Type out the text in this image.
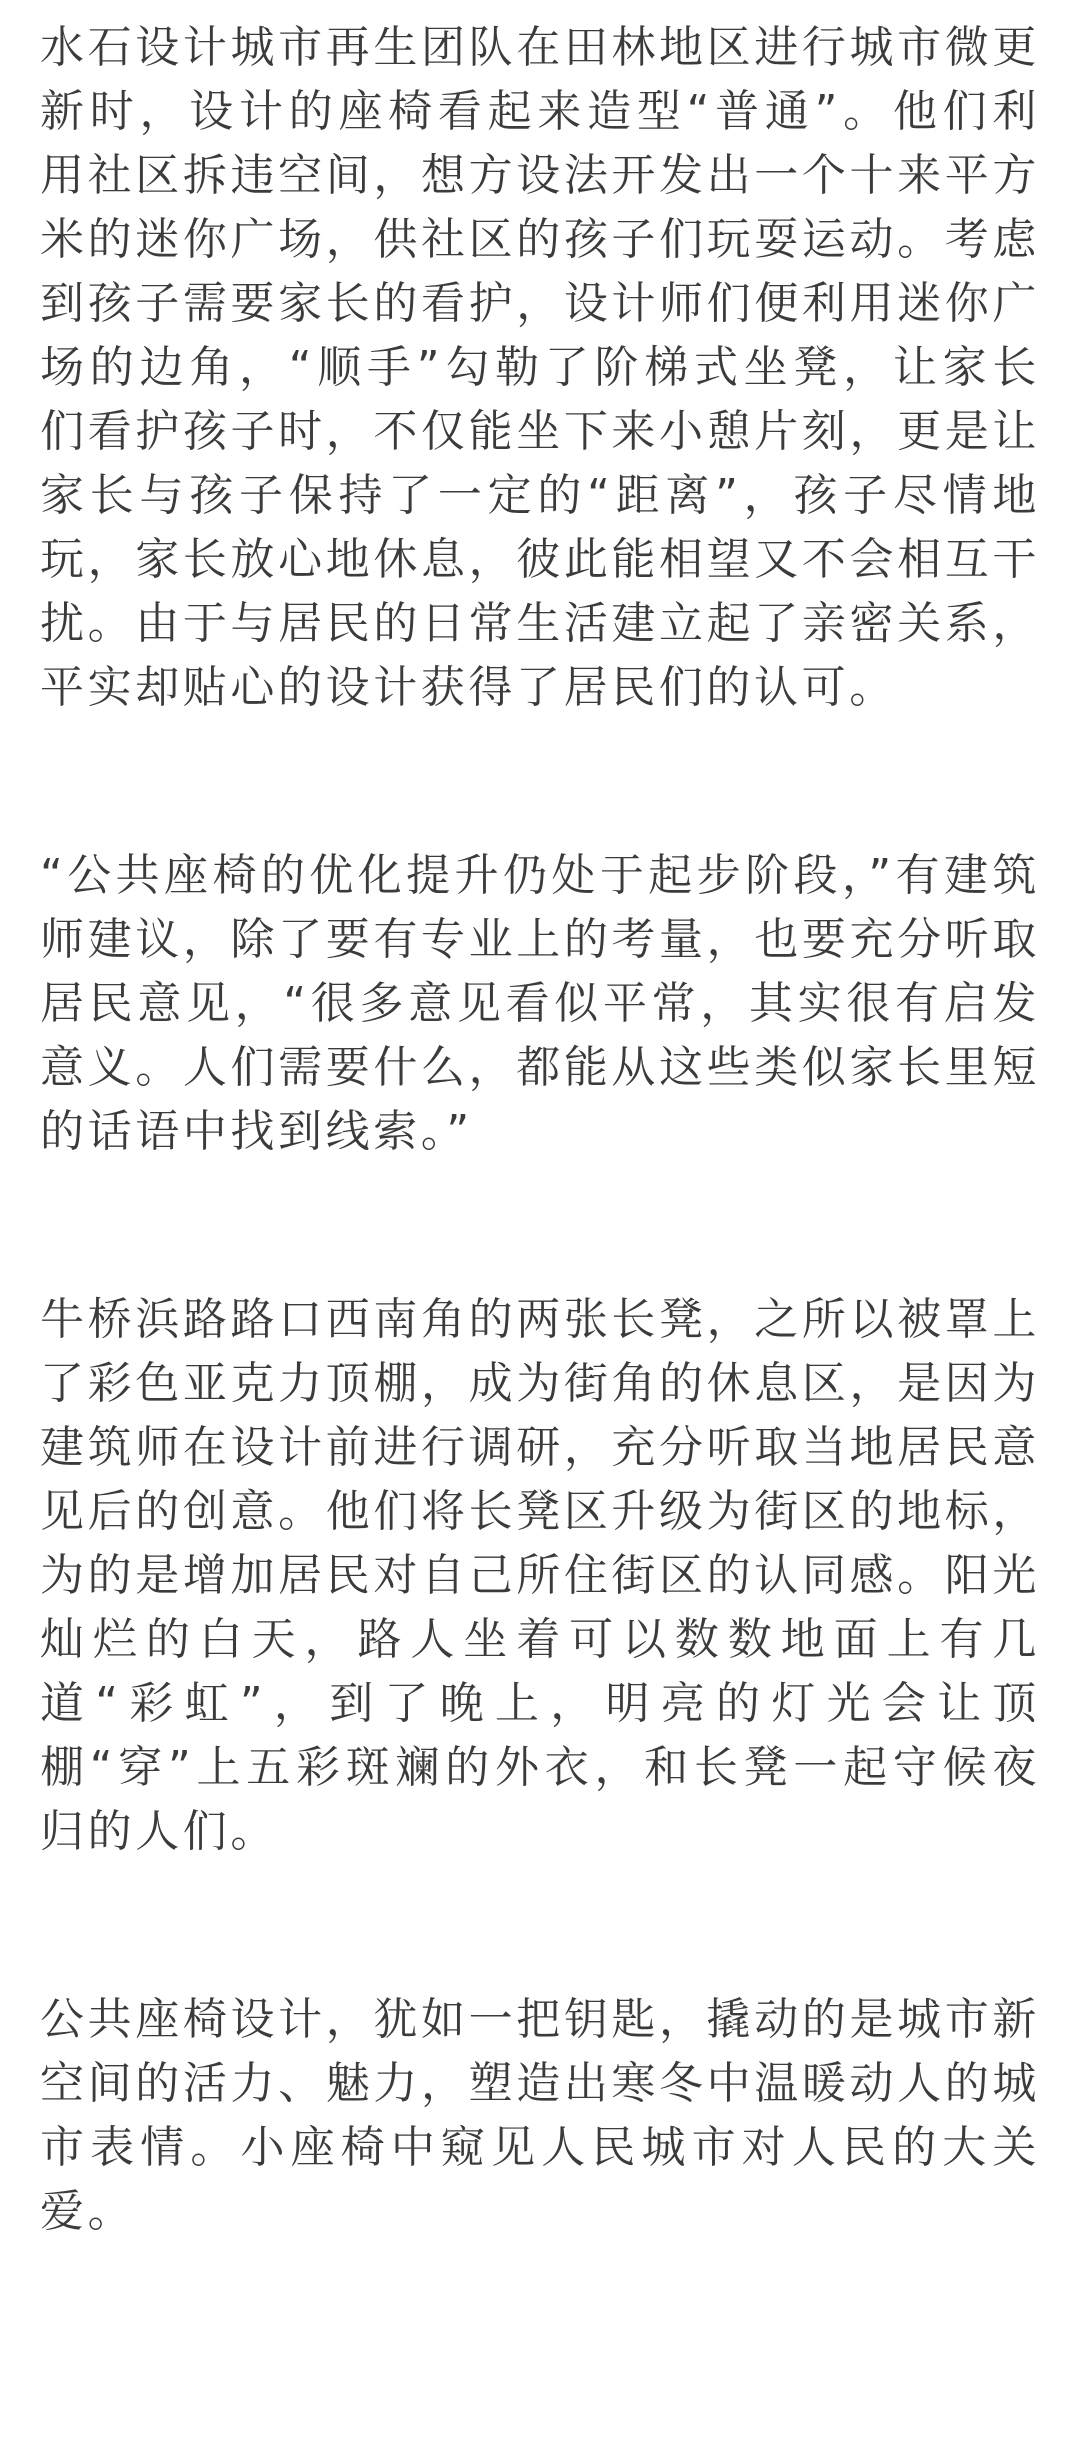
水石设计城市再生团队在田林地区进行城市微更新时，设计的座椅看起来造型“普通”。他们利用社区拆违空间，想方设法开发出一个十来平方米的迷你广场，供社区的孩子们玩耍运动。考虑到孩子需要家长的看护，设计师们便利用迷你广场的边角，“顺手”勾勒了阶梯式坐凳，让家长们看护孩子时，不仅能坐下来小憩片刻，更是让家长与孩子保持了一定的“距离”，孩子尽情地玩，家长放心地休息，彼此能相望又不会相互干扰。由于与居民的日常生活建立起了亲密关系，平实却贴心的设计获得了居民们的认可。

“公共座椅的优化提升仍处于起步阶段，”有建筑师建议，除了要有专业上的考量，也要充分听取居民意见，“很多意见看似平常，其实很有启发意义。人们需要什么，都能从这些类似家长里短的话语中找到线索。”

牛桥浜路路口西南角的两张长凳，之所以被罩上了彩色亚克力顶棚，成为街角的休息区，是因为建筑师在设计前进行调研，充分听取当地居民意见后的创意。他们将长凳区升级为街区的地标，为的是增加居民对自己所住街区的认同感。阳光灿烂的白天，路人坐着可以数数地面上有几道“彩虹”，到了晚上，明亮的灯光会让顶棚“穿”上五彩斑斓的外衣，和长凳一起守候夜归的人们。

公共座椅设计，犹如一把钥匙，撬动的是城市新空间的活力、魅力，塑造出寒冬中温暖动人的城市表情。小座椅中窥见人民城市对人民的大关爱。
